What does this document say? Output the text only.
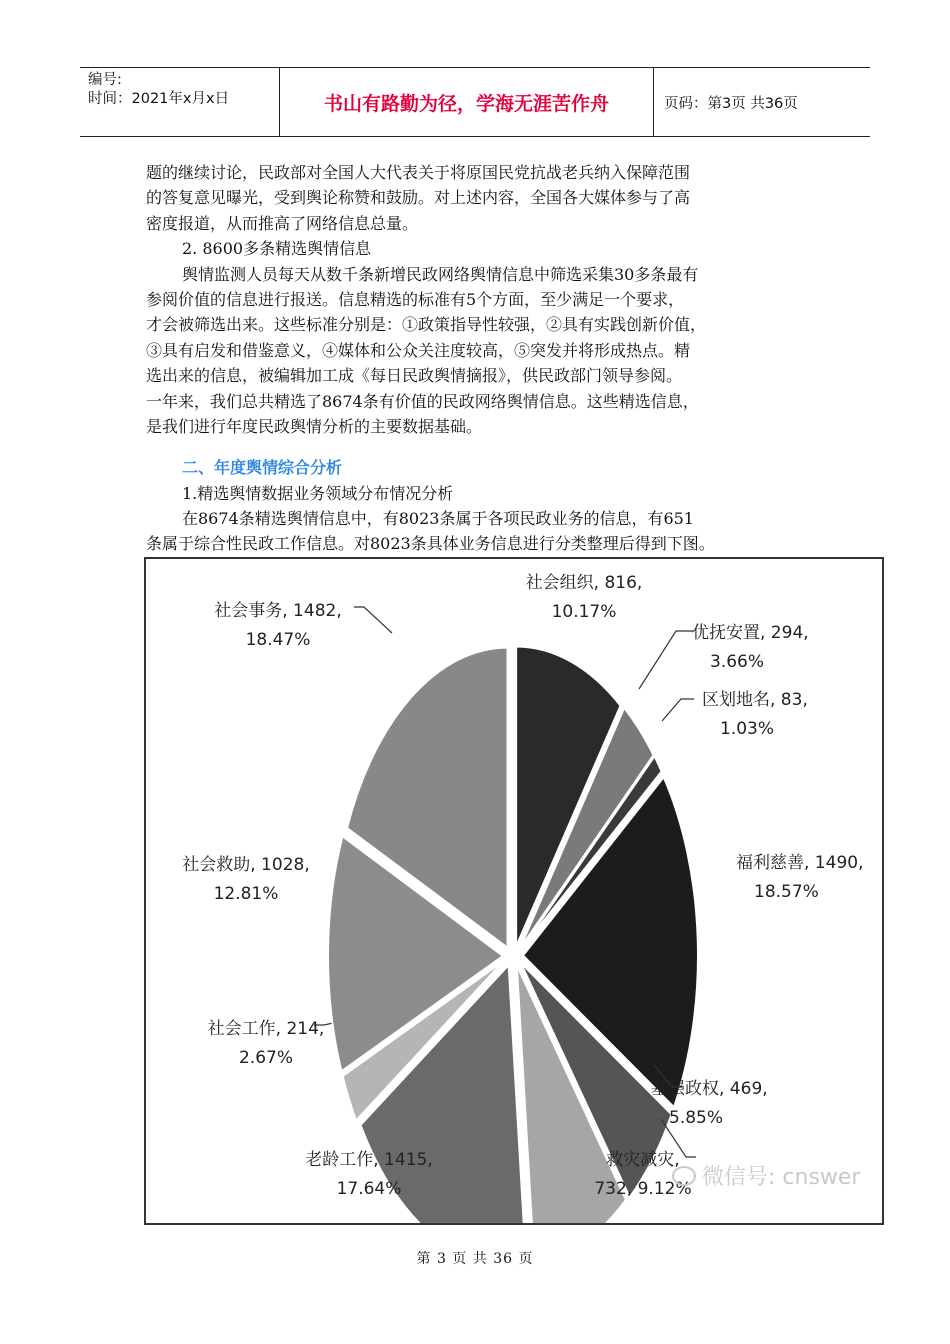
编号:
时间：2021年x月x日	书山有路勤为径，学海无涯苦作舟	页码：第3页 共36页
题的继续讨论，民政部对全国人大代表关于将原国民党抗战老兵纳入保障范围
的答复意见曝光，受到舆论称赞和鼓励。对上述内容，全国各大媒体参与了高
密度报道，从而推高了网络信息总量。
2. 8600多条精选舆情信息
舆情监测人员每天从数千条新增民政网络舆情信息中筛选采集30多条最有
参阅价值的信息进行报送。信息精选的标准有5个方面，至少满足一个要求，
才会被筛选出来。这些标准分别是：①政策指导性较强，②具有实践创新价值，
③具有启发和借鉴意义，④媒体和公众关注度较高，⑤突发并将形成热点。精
选出来的信息，被编辑加工成《每日民政舆情摘报》，供民政部门领导参阅。
一年来，我们总共精选了8674条有价值的民政网络舆情信息。这些精选信息，
是我们进行年度民政舆情分析的主要数据基础。
二、年度舆情综合分析
1.精选舆情数据业务领域分布情况分析
在8674条精选舆情信息中，有8023条属于各项民政业务的信息，有651
条属于综合性民政工作信息。对8023条具体业务信息进行分类整理后得到下图。
社会组织, 816,
10.17%
优抚安置, 294,
3.66%
区划地名, 83,
1.03%
福利慈善, 1490,
18.57%
基层政权, 469,
5.85%
救灾减灾,
732, 9.12%
老龄工作, 1415,
17.64%
社会工作, 214,
2.67%
社会救助, 1028,
12.81%
社会事务, 1482,
18.47%
微信号: cnswer
第 3 页 共 36 页
